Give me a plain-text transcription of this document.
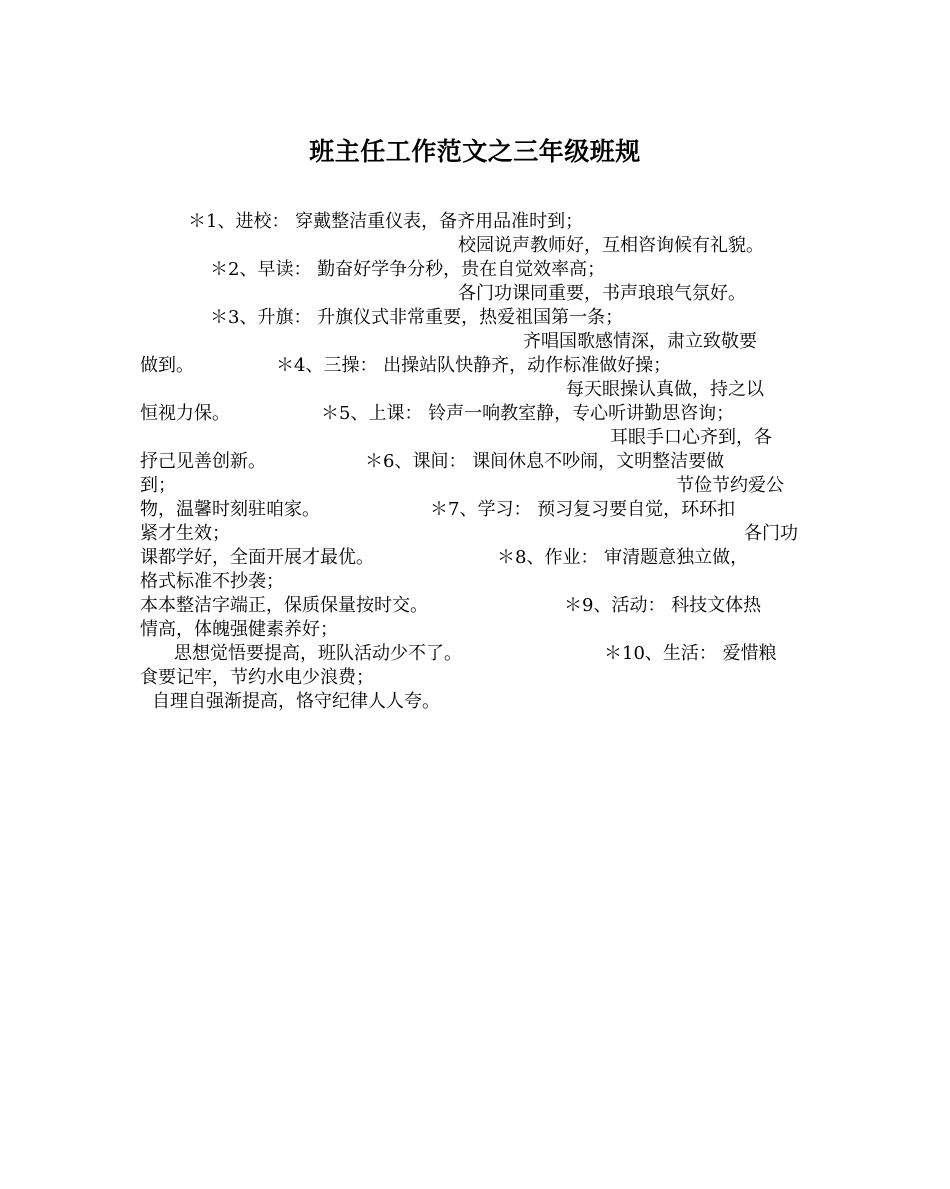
班主任工作范文之三年级班规
＊1、进校： 穿戴整洁重仪表，备齐用品准时到；
校园说声教师好，互相咨询候有礼貌。
＊2、早读： 勤奋好学争分秒，贵在自觉效率高；
各门功课同重要，书声琅琅气氛好。
＊3、升旗： 升旗仪式非常重要，热爱祖国第一条；
齐唱国歌感情深，肃立致敬要
做到。	＊4、三操： 出操站队快静齐，动作标准做好操；
每天眼操认真做，持之以
恒视力保。	＊5、上课： 铃声一响教室静，专心听讲勤思咨询；
耳眼手口心齐到，各
抒己见善创新。	＊6、课间： 课间休息不吵闹，文明整洁要做
到；	节俭节约爱公
物，温馨时刻驻咱家。	＊7、学习： 预习复习要自觉，环环扣
紧才生效；	各门功
课都学好，全面开展才最优。	＊8、作业： 审清题意独立做，
格式标准不抄袭；
本本整洁字端正，保质保量按时交。	＊9、活动： 科技文体热
情高，体魄强健素养好；
思想觉悟要提高，班队活动少不了。	＊10、生活： 爱惜粮
食要记牢，节约水电少浪费；
自理自强渐提高，恪守纪律人人夸。
